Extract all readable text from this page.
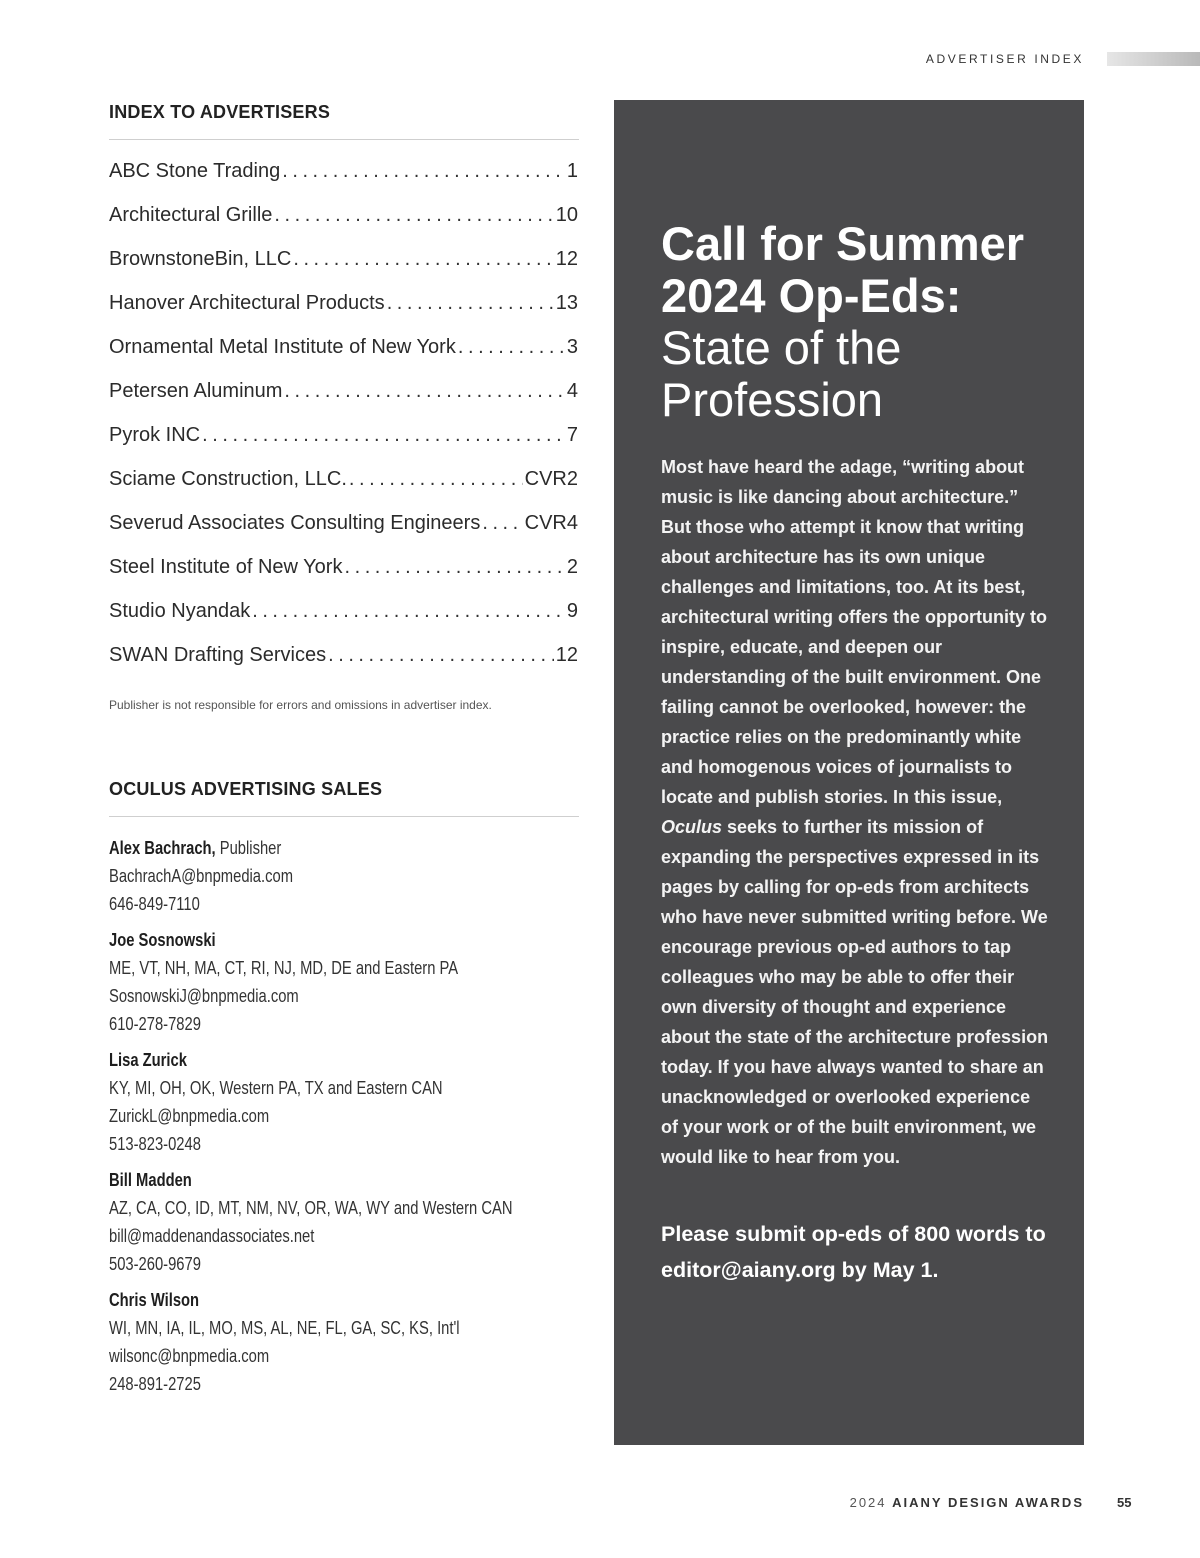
ADVERTISER INDEX
INDEX TO ADVERTISERS
ABC Stone Trading . . .	1
Architectural Grille . . .	10
BrownstoneBin, LLC . . .	12
Hanover Architectural Products . . .	13
Ornamental Metal Institute of New York . . .	3
Petersen Aluminum . . .	4
Pyrok INC . . .	7
Sciame Construction, LLC. . . .	CVR2
Severud Associates Consulting Engineers . . . CVR4
Steel Institute of New York . . .	2
Studio Nyandak . . .	9
SWAN Drafting Services . . .	12
Publisher is not responsible for errors and omissions in advertiser index.
OCULUS ADVERTISING SALES
Alex Bachrach, Publisher
BachrachA@bnpmedia.com
646-849-7110
Joe Sosnowski
ME, VT, NH, MA, CT, RI, NJ, MD, DE and Eastern PA
SosnowskiJ@bnpmedia.com
610-278-7829
Lisa Zurick
KY, MI, OH, OK, Western PA, TX and Eastern CAN
ZurickL@bnpmedia.com
513-823-0248
Bill Madden
AZ, CA, CO, ID, MT, NM, NV, OR, WA, WY and Western CAN
bill@maddenandassociates.net
503-260-9679
Chris Wilson
WI, MN, IA, IL, MO, MS, AL, NE, FL, GA, SC, KS, Int'l
wilsonc@bnpmedia.com
248-891-2725
Call for Summer
2024 Op-Eds:
State of the
Profession
Most have heard the adage, “writing about music is like dancing about architecture.” But those who attempt it know that writing about architecture has its own unique challenges and limitations, too. At its best, architectural writing offers the opportunity to inspire, educate, and deepen our understanding of the built environment. One failing cannot be overlooked, however: the practice relies on the predominantly white and homogenous voices of journalists to locate and publish stories. In this issue, Oculus seeks to further its mission of expanding the perspectives expressed in its pages by calling for op-eds from architects who have never submitted writing before. We encourage previous op-ed authors to tap colleagues who may be able to offer their own diversity of thought and experience about the state of the architecture profession today. If you have always wanted to share an unacknowledged or overlooked experience of your work or of the built environment, we would like to hear from you.
Please submit op-eds of 800 words to editor@aiany.org by May 1.
2024 AIANY DESIGN AWARDS	55
